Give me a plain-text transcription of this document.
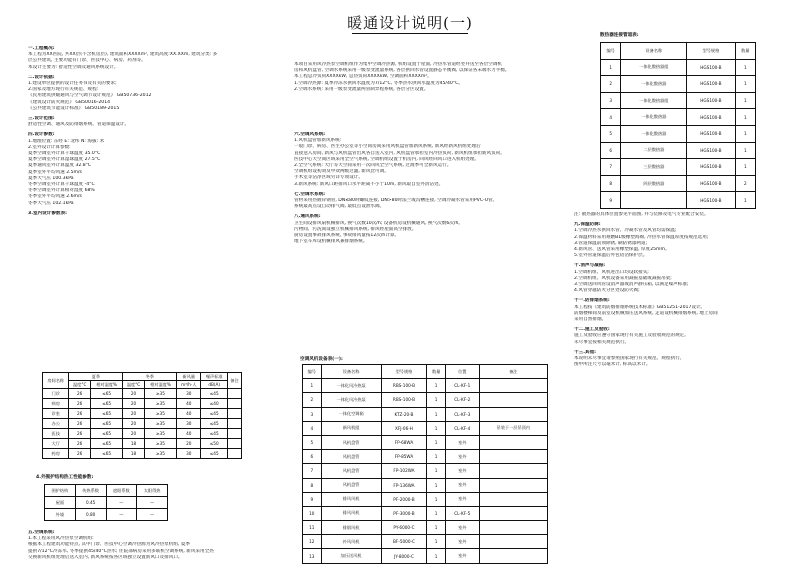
暖通设计说明(一)

一.工程概况:

本工程为XX医院, 共XX层(不含机房层), 建筑面积XXXXm², 建筑高度:XX.XXm, 建筑分类: 多

层公共建筑, 主要功能有门诊、医技中心、病房、药剂等。

本设计主要为: 舒适性空调及通风系统设计。

二.设计依据:

1.建设单位提供的设计任务书及有关的要求;

2.国家及地方现行有关规范、规程:

《民用建筑供暖通风与空气调节设计规范》 GB50736-2012

《建筑设计防火规范》 GB50016-2014

《公共建筑节能设计标准》 GB50189-2015

三.设计范围:

舒适性空调、通风及防排烟系统、管道保温设计。

四.设计参数:

1.地理位置: 东经 E: 北纬 N: 海拔: 米

2.室外设计计算参数:

夏季空调室外计算干球温度 35.0°C

夏季空调室外计算湿球温度 27.5°C

夏季通风室外计算温度 32.8°C

夏季室外平均风速 2.5m/s

夏季大气压 100.3kPa

冬季空调室外计算干球温度 -4°C

冬季空调室外计算相对湿度 68%

冬季室外平均风速 2.6m/s

冬季大气压 102.1kPa

3.室内设计参数表:

房间名称	夏季		冬季		新风量	噪声标准	备注
	温度°C	相对湿度%	温度°C	相对湿度%	m³/h·人	dB(A)	
门诊	26	≤65	20	≥35	30	≤45	
病房	26	≤65	20	≥35	40	≤40	
诊室	26	≤65	20	≥35	40	≤45	
办公	26	≤65	20	≥35	30	≤45	
医技	26	≤65	20	≥35	40	≤45	
大厅	26	≤65	18	≥35	20	≤50	
药房	26	≤65	18	≥35	30	≤45	
4.外围护结构热工性能参数:
围护结构	传热系数	遮阳系数	太阳得热
屋面	0.45	—	—
外墙	0.80	—	—

五.空调系统:

1.本工程采用风冷热泵空调机组:

根据本工程建筑功能特点, 其中门诊、医技中心空调冷热源为风冷热泵机组, 夏季

提供7/12°C冷冻水, 冬季提供45/40°C热水; 住院部病房采用多联机空调系统, 新风采用全热

交换新风机组处理后送入室内, 新风系统按各区域独立设置新风口及排风口。

本项目采用风冷热泵空调机组作为集中空调冷热源, 机组设置于屋面, 冷热水管道经竖井送至各层空调机

房和风机盘管, 空调水系统采用一级泵变流量系统, 各层供回水管设置静态平衡阀, 以保证各末端水力平衡。

本工程总冷负荷XXXXkW, 总热负荷XXXXkW, 空调面积XXXXm²。

1.空调冷热源: 夏季冷冻水供回水温度为7/12°C, 冬季热水供回水温度为45/40°C。

2.空调水系统: 采用一级泵变流量两管制异程系统, 各层分区设置。

六.空调风系统:

1.风机盘管加新风系统:

一般门诊、病房、医生办公室等小空间房间采用风机盘管加新风系统, 新风经新风机组处理后

直接送入房间, 新风与风机盘管出风各自送入室内, 风机盘管承担室内冷热负荷, 新风机组承担新风负荷。

医技中心大空间区域采用全空气系统, 空调机组设置于机房内, 回风经回风口进入机组处理。

2.全空气系统: 大厅等大空间采用一次回风全空气系统, 过渡季可全新风运行。

空调机组设初效及中效两级过滤, 新风比可调。

手术室等洁净区域另详专项设计。

3.新风系统: 新风口距排风口水平距离不小于10m, 新风取自室外清洁处。

七.空调水系统:

管材采用热镀锌钢管, DN≤80时螺纹连接, DN>80时法兰或沟槽连接, 空调冷凝水管采用PVC-U管。

系统最高点设自动排气阀, 最低点设泄水阀。

八.通风系统:

卫生间设排风扇机械排风, 换气次数10次/h; 设备机房设机械通风, 换气次数6次/h。

污物间、污洗间设独立机械排风系统, 排风经屋面高空排放。

厨房设置事故排风系统, 事故排风量按12次/h计算。

地下室车库设机械排风兼排烟系统。

空调风机设备表(一):
编号	设备名称	型号规格	数量	位置	备注
1	一体化风冷热泵	RBS-100-B	1	CL-KF-1	
2	一体化风冷热泵	RBS-100-B	1	CL-KF-2	
3	一体化空调箱	KTZ-20-B	1	CL-KF-3	
4	新风机组	XFJ-06-H	1	CL-KF-4	吊装于一层吊顶内
5	风机盘管	FP-68WA	1	室外	
6	风机盘管	FP-85WA	1	室外	
7	风机盘管	FP-102WA	1	室外	
8	风机盘管	FP-136WA	1	室外	
9	排风风机	PF-2000-B	1	室外	
10	排风风机	PF-3000-B	1	CL-KF-5	
11	排烟风机	PY-6000-C	1	室外	
12	补风风机	BF-5000-C	1	室外	
13	加压送风机	JY-8000-C	1	室外	
散热器连接管道表:
编号	设备名称	型号规格	数量
1	一体化散热器组	HGS100-B	1
2	一体化散热器	HGS100-B	1
3	一体化散热器组	HGS100-B	1
4	一体化散热器	HGS100-B	1
5	一体化散热器	HGS100-B	1
6	二层散热器	HGS100-B	1
7	三层散热器	HGS100-B	1
8	四层散热器	HGS100-B	2
9		HGS100-B	1

注: 散热器的具体位置参见平面图, 并与装修及电气专业配合安装。

九.保温防腐:

1.空调冷热水供回水管、冷凝水管及风管均需保温;

2.保温材料采用难燃B1级橡塑海绵, 冷热水管保温厚度按规范选用;

3.管道保温前须除锈, 刷防锈漆两道;

4.新风管、送风管采用橡塑保温, 厚度25mm。

5.室外管道保温后外包铝箔保护层。

十.消声与减振:

1.空调机组、风机进出口均设软接头;

2.空调机组、风机设备采用减振基础或减振吊架;

3.空调送回风管设消声器或消声静压箱, 以满足噪声标准;

4.风管穿越防火分区处设防火阀;

十一.防排烟系统:

本工程按《建筑防烟排烟系统技术标准》GB51251-2017设计。

防烟楼梯间及前室设机械加压送风系统, 走道设机械排烟系统, 地上房间

采用自然排烟。

十二.施工及验收:

施工及验收应遵守国家现行有关施工及验收规范的规定。

未尽事宜按相关规范执行。

十三.其他:

本说明未尽事宜请参照国家现行有关规范、规程执行。

图中所注尺寸以毫米计, 标高以米计。
